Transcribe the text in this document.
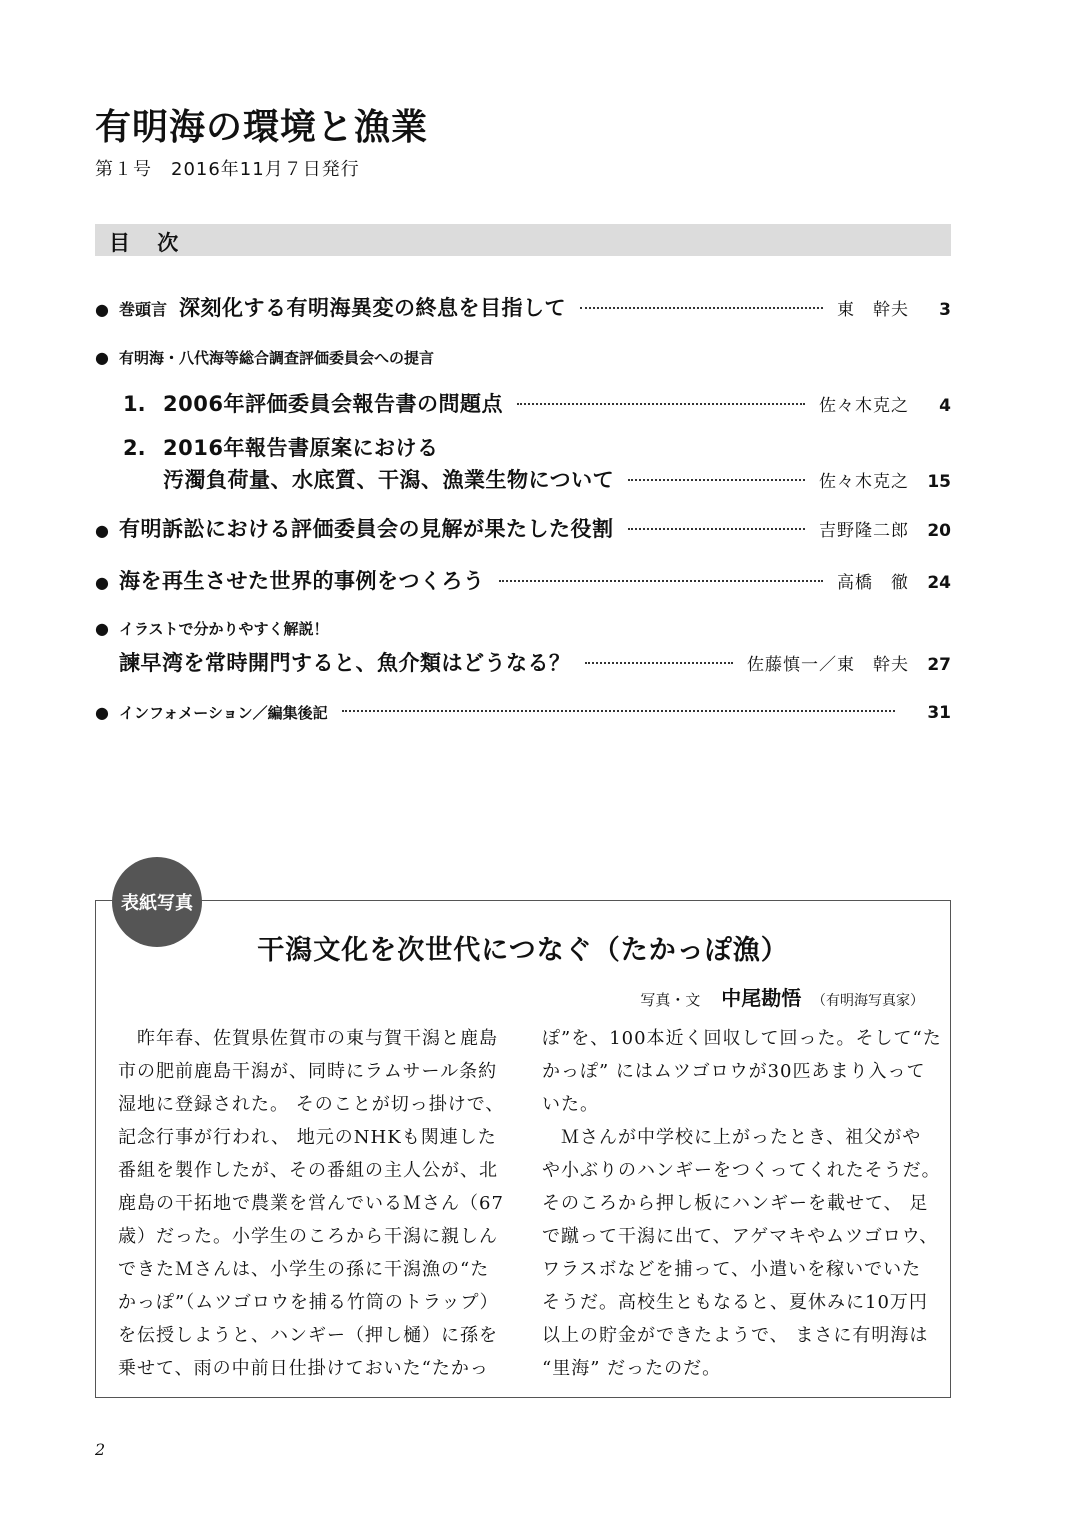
有明海の環境と漁業
第１号　2016年11月７日発行
目 次
● 巻頭言 深刻化する有明海異変の終息を目指して	東　幹夫	3
● 有明海・八代海等総合調査評価委員会への提言
1. 2006年評価委員会報告書の問題点	佐々木克之	4
2. 2016年報告書原案における
汚濁負荷量、水底質、干潟、漁業生物について	佐々木克之	15
● 有明訴訟における評価委員会の見解が果たした役割	吉野隆二郎	20
● 海を再生させた世界的事例をつくろう	高橋　徹	24
● イラストで分かりやすく解説！
諫早湾を常時開門すると、魚介類はどうなる？	佐藤慎一／東　幹夫	27
● インフォメーション／編集後記	31
表紙写真
干潟文化を次世代につなぐ（たかっぽ漁）
写真・文 中尾勘悟 （有明海写真家）
　昨年春、佐賀県佐賀市の東与賀干潟と鹿島
市の肥前鹿島干潟が、同時にラムサール条約
湿地に登録された。 そのことが切っ掛けで、
記念行事が行われ、 地元のNHKも関連した
番組を製作したが、その番組の主人公が、北
鹿島の干拓地で農業を営んでいるＭさん（67
歳）だった。小学生のころから干潟に親しん
できたＭさんは、小学生の孫に干潟漁の“た
かっぽ”（ムツゴロウを捕る竹筒のトラップ）
を伝授しようと、ハンギー（押し樋）に孫を
乗せて、雨の中前日仕掛けておいた“たかっ
ぽ”を、100本近く回収して回った。そして“た
かっぽ” にはムツゴロウが30匹あまり入って
いた。
　Ｍさんが中学校に上がったとき、祖父がや
や小ぶりのハンギーをつくってくれたそうだ。
そのころから押し板にハンギーを載せて、 足
で蹴って干潟に出て、アゲマキやムツゴロウ、
ワラスボなどを捕って、小遣いを稼いでいた
そうだ。高校生ともなると、夏休みに10万円
以上の貯金ができたようで、 まさに有明海は
“里海” だったのだ。
2
